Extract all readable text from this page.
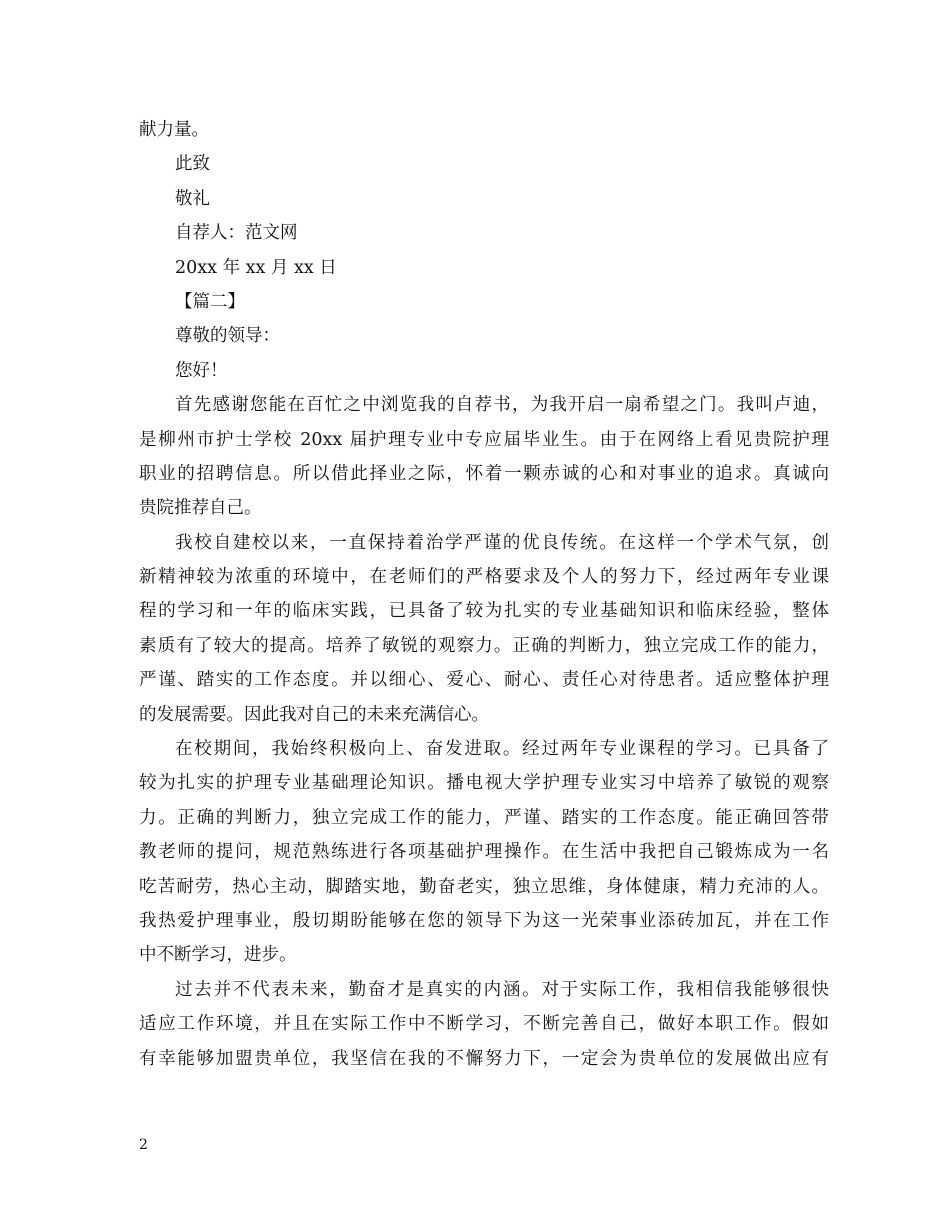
献力量。
此致
敬礼
自荐人：范文网
20xx 年 xx 月 xx 日
【篇二】
尊敬的领导：
您好！
首先感谢您能在百忙之中浏览我的自荐书，为我开启一扇希望之门。我叫卢迪，
是柳州市护士学校 20xx 届护理专业中专应届毕业生。由于在网络上看见贵院护理
职业的招聘信息。所以借此择业之际，怀着一颗赤诚的心和对事业的追求。真诚向
贵院推荐自己。
我校自建校以来，一直保持着治学严谨的优良传统。在这样一个学术气氛，创
新精神较为浓重的环境中，在老师们的严格要求及个人的努力下，经过两年专业课
程的学习和一年的临床实践，已具备了较为扎实的专业基础知识和临床经验，整体
素质有了较大的提高。培养了敏锐的观察力。正确的判断力，独立完成工作的能力，
严谨、踏实的工作态度。并以细心、爱心、耐心、责任心对待患者。适应整体护理
的发展需要。因此我对自己的未来充满信心。
在校期间，我始终积极向上、奋发进取。经过两年专业课程的学习。已具备了
较为扎实的护理专业基础理论知识。播电视大学护理专业实习中培养了敏锐的观察
力。正确的判断力，独立完成工作的能力，严谨、踏实的工作态度。能正确回答带
教老师的提问，规范熟练进行各项基础护理操作。在生活中我把自己锻炼成为一名
吃苦耐劳，热心主动，脚踏实地，勤奋老实，独立思维，身体健康，精力充沛的人。
我热爱护理事业，殷切期盼能够在您的领导下为这一光荣事业添砖加瓦，并在工作
中不断学习，进步。
过去并不代表未来，勤奋才是真实的内涵。对于实际工作，我相信我能够很快
适应工作环境，并且在实际工作中不断学习，不断完善自己，做好本职工作。假如
有幸能够加盟贵单位，我坚信在我的不懈努力下，一定会为贵单位的发展做出应有
2
